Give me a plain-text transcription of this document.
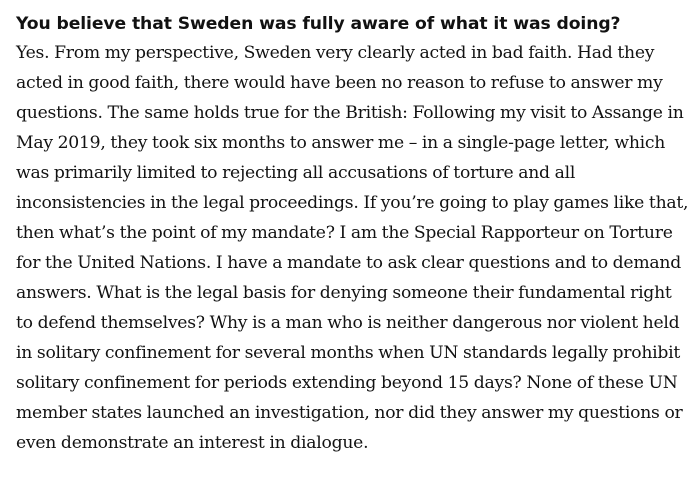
You believe that Sweden was fully aware of what it was doing?

Yes. From my perspective, Sweden very clearly acted in bad faith. Had they acted in good faith, there would have been no reason to refuse to answer my questions. The same holds true for the British: Following my visit to Assange in May 2019, they took six months to answer me – in a single-page letter, which was primarily limited to rejecting all accusations of torture and all inconsistencies in the legal proceedings. If you’re going to play games like that, then what’s the point of my mandate? I am the Special Rapporteur on Torture for the United Nations. I have a mandate to ask clear questions and to demand answers. What is the legal basis for denying someone their fundamental right to defend themselves? Why is a man who is neither dangerous nor violent held in solitary confinement for several months when UN standards legally prohibit solitary confinement for periods extending beyond 15 days? None of these UN member states launched an investigation, nor did they answer my questions or even demonstrate an interest in dialogue.
